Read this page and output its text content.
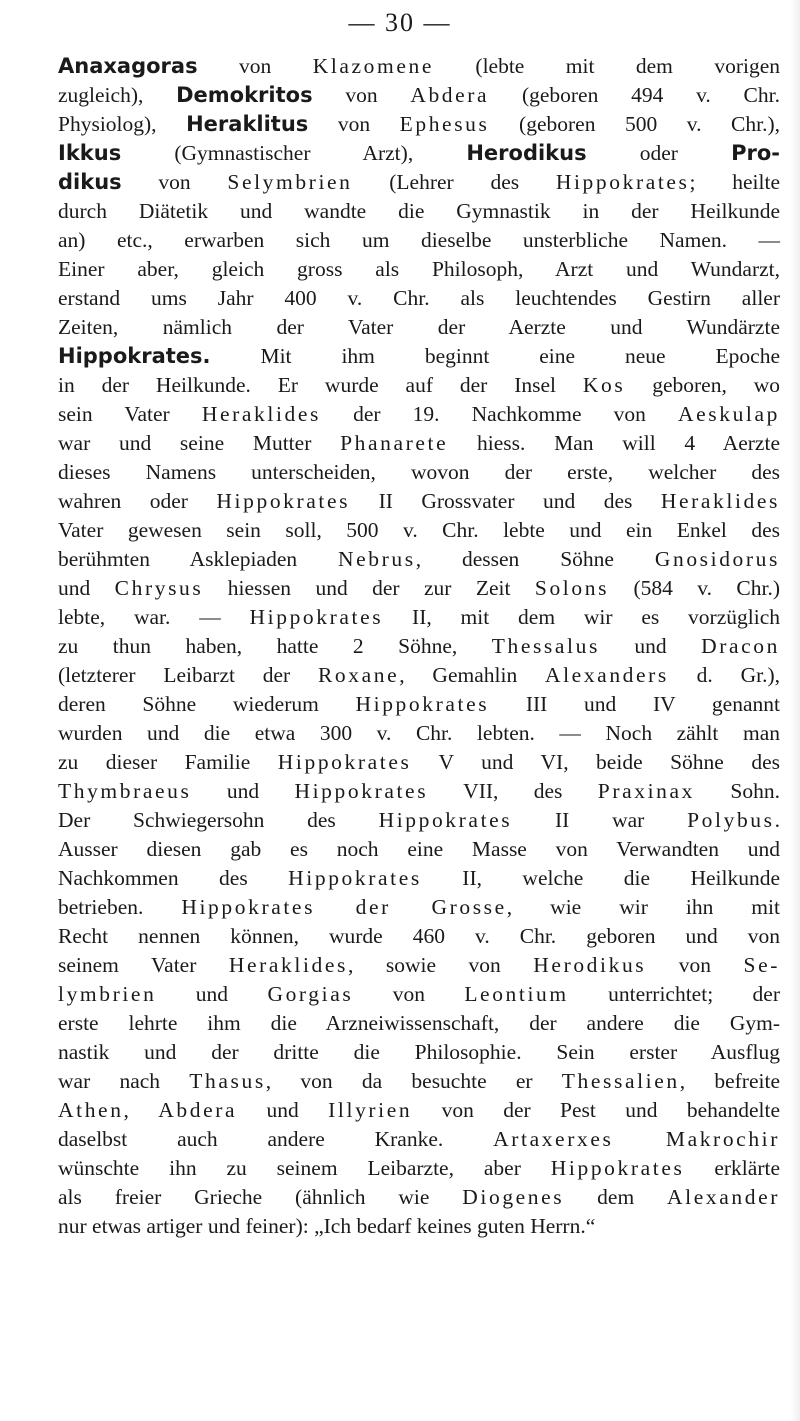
— 30 —
Anaxagoras von Klazomene (lebte mit dem vorigen
zugleich), Demokritos von Abdera (geboren 494 v. Chr.
Physiolog), Heraklitus von Ephesus (geboren 500 v. Chr.),
Ikkus (Gymnastischer Arzt), Herodikus oder Pro-
dikus von Selymbrien (Lehrer des Hippokrates; heilte
durch Diätetik und wandte die Gymnastik in der Heilkunde
an) etc., erwarben sich um dieselbe unsterbliche Namen. —
Einer aber, gleich gross als Philosoph, Arzt und Wundarzt,
erstand ums Jahr 400 v. Chr. als leuchtendes Gestirn aller
Zeiten, nämlich der Vater der Aerzte und Wundärzte
Hippokrates. Mit ihm beginnt eine neue Epoche
in der Heilkunde. Er wurde auf der Insel Kos geboren, wo
sein Vater Heraklides der 19. Nachkomme von Aeskulap
war und seine Mutter Phanarete hiess. Man will 4 Aerzte
dieses Namens unterscheiden, wovon der erste, welcher des
wahren oder Hippokrates II Grossvater und des Heraklides
Vater gewesen sein soll, 500 v. Chr. lebte und ein Enkel des
berühmten Asklepiaden Nebrus, dessen Söhne Gnosidorus
und Chrysus hiessen und der zur Zeit Solons (584 v. Chr.)
lebte, war. — Hippokrates II, mit dem wir es vorzüglich
zu thun haben, hatte 2 Söhne, Thessalus und Dracon
(letzterer Leibarzt der Roxane, Gemahlin Alexanders d. Gr.),
deren Söhne wiederum Hippokrates III und IV genannt
wurden und die etwa 300 v. Chr. lebten. — Noch zählt man
zu dieser Familie Hippokrates V und VI, beide Söhne des
Thymbraeus und Hippokrates VII, des Praxinax Sohn.
Der Schwiegersohn des Hippokrates II war Polybus.
Ausser diesen gab es noch eine Masse von Verwandten und
Nachkommen des Hippokrates II, welche die Heilkunde
betrieben. Hippokrates der Grosse, wie wir ihn mit
Recht nennen können, wurde 460 v. Chr. geboren und von
seinem Vater Heraklides, sowie von Herodikus von Se-
lymbrien und Gorgias von Leontium unterrichtet; der
erste lehrte ihm die Arzneiwissenschaft, der andere die Gym-
nastik und der dritte die Philosophie. Sein erster Ausflug
war nach Thasus, von da besuchte er Thessalien, befreite
Athen, Abdera und Illyrien von der Pest und behandelte
daselbst auch andere Kranke. Artaxerxes Makrochir
wünschte ihn zu seinem Leibarzte, aber Hippokrates erklärte
als freier Grieche (ähnlich wie Diogenes dem Alexander
nur etwas artiger und feiner): „Ich bedarf keines guten Herrn.“
